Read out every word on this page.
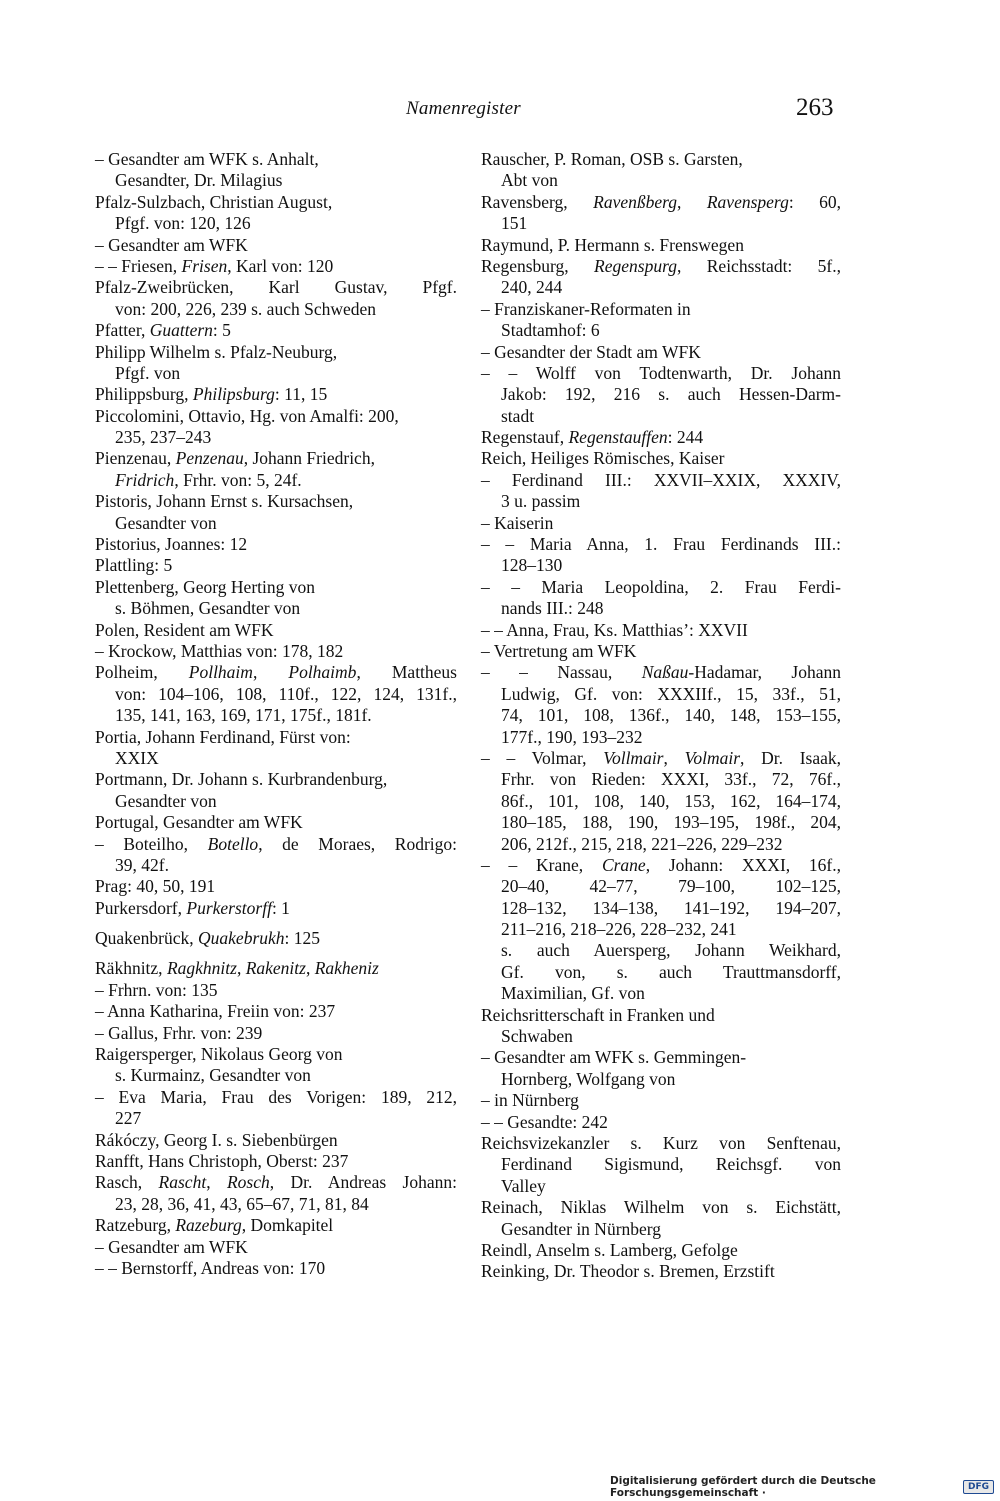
Namenregister	263
– Gesandter am WFK s. Anhalt,
Gesandter, Dr. Milagius
Pfalz-Sulzbach, Christian August,
Pfgf. von: 120, 126
– Gesandter am WFK
– – Friesen, Frisen, Karl von: 120
Pfalz-Zweibrücken, Karl Gustav, Pfgf.
von: 200, 226, 239 s. auch Schweden
Pfatter, Guattern: 5
Philipp Wilhelm s. Pfalz-Neuburg,
Pfgf. von
Philippsburg, Philipsburg: 11, 15
Piccolomini, Ottavio, Hg. von Amalfi: 200,
235, 237–243
Pienzenau, Penzenau, Johann Friedrich,
Fridrich, Frhr. von: 5, 24f.
Pistoris, Johann Ernst s. Kursachsen,
Gesandter von
Pistorius, Joannes: 12
Plattling: 5
Plettenberg, Georg Herting von
s. Böhmen, Gesandter von
Polen, Resident am WFK
– Krockow, Matthias von: 178, 182
Polheim, Pollhaim, Polhaimb, Mattheus
von: 104–106, 108, 110f., 122, 124, 131f.,
135, 141, 163, 169, 171, 175f., 181f.
Portia, Johann Ferdinand, Fürst von:
XXIX
Portmann, Dr. Johann s. Kurbrandenburg,
Gesandter von
Portugal, Gesandter am WFK
– Boteilho, Botello, de Moraes, Rodrigo:
39, 42f.
Prag: 40, 50, 191
Purkersdorf, Purkerstorff: 1
Quakenbrück, Quakebrukh: 125
Räkhnitz, Ragkhnitz, Rakenitz, Rakheniz
– Frhrn. von: 135
– Anna Katharina, Freiin von: 237
– Gallus, Frhr. von: 239
Raigersperger, Nikolaus Georg von
s. Kurmainz, Gesandter von
– Eva Maria, Frau des Vorigen: 189, 212,
227
Rákóczy, Georg I. s. Siebenbürgen
Ranfft, Hans Christoph, Oberst: 237
Rasch, Rascht, Rosch, Dr. Andreas Johann:
23, 28, 36, 41, 43, 65–67, 71, 81, 84
Ratzeburg, Razeburg, Domkapitel
– Gesandter am WFK
– – Bernstorff, Andreas von: 170
Rauscher, P. Roman, OSB s. Garsten,
Abt von
Ravensberg, Ravenßberg, Ravensperg: 60,
151
Raymund, P. Hermann s. Frenswegen
Regensburg, Regenspurg, Reichsstadt: 5f.,
240, 244
– Franziskaner-Reformaten in
Stadtamhof: 6
– Gesandter der Stadt am WFK
– – Wolff von Todtenwarth, Dr. Johann
Jakob: 192, 216 s. auch Hessen-Darm-
stadt
Regenstauf, Regenstauffen: 244
Reich, Heiliges Römisches, Kaiser
– Ferdinand III.: XXVII–XXIX, XXXIV,
3 u. passim
– Kaiserin
– – Maria Anna, 1. Frau Ferdinands III.:
128–130
– – Maria Leopoldina, 2. Frau Ferdi-
nands III.: 248
– – Anna, Frau, Ks. Matthias’: XXVII
– Vertretung am WFK
– – Nassau, Naßau-Hadamar, Johann
Ludwig, Gf. von: XXXIIf., 15, 33f., 51,
74, 101, 108, 136f., 140, 148, 153–155,
177f., 190, 193–232
– – Volmar, Vollmair, Volmair, Dr. Isaak,
Frhr. von Rieden: XXXI, 33f., 72, 76f.,
86f., 101, 108, 140, 153, 162, 164–174,
180–185, 188, 190, 193–195, 198f., 204,
206, 212f., 215, 218, 221–226, 229–232
– – Krane, Crane, Johann: XXXI, 16f.,
20–40, 42–77, 79–100, 102–125,
128–132, 134–138, 141–192, 194–207,
211–216, 218–226, 228–232, 241
s. auch Auersperg, Johann Weikhard,
Gf. von, s. auch Trauttmansdorff,
Maximilian, Gf. von
Reichsritterschaft in Franken und
Schwaben
– Gesandter am WFK s. Gemmingen-
Hornberg, Wolfgang von
– in Nürnberg
– – Gesandte: 242
Reichsvizekanzler s. Kurz von Senftenau,
Ferdinand Sigismund, Reichsgf. von
Valley
Reinach, Niklas Wilhelm von s. Eichstätt,
Gesandter in Nürnberg
Reindl, Anselm s. Lamberg, Gefolge
Reinking, Dr. Theodor s. Bremen, Erzstift
Digitalisierung gefördert durch die Deutsche Forschungsgemeinschaft ·	DFG
